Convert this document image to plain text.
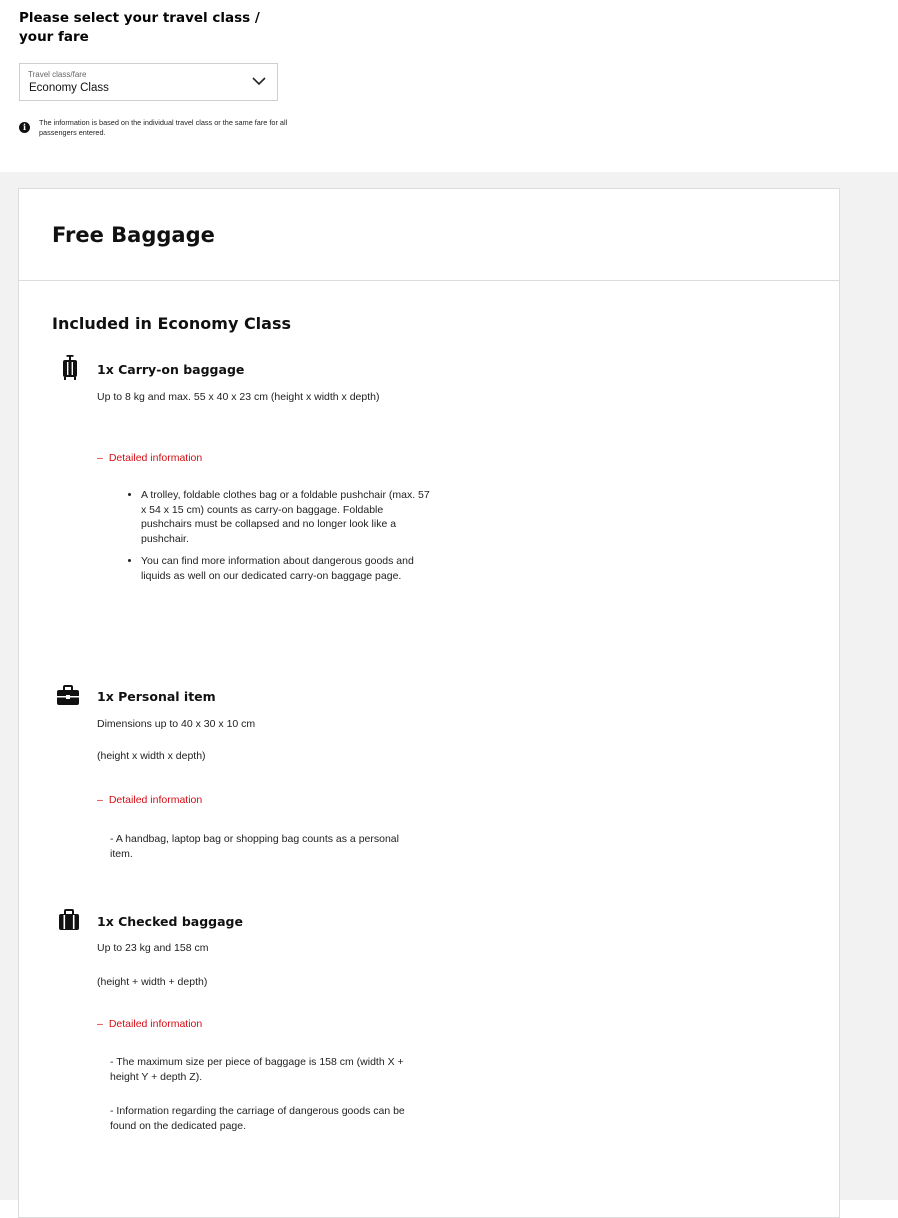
Please select your travel class / your fare
Travel class/fare
Economy Class
i	The information is based on the individual travel class or the same fare for all passengers entered.
Free Baggage
Included in Economy Class
1x Carry-on baggage
Up to 8 kg and max. 55 x 40 x 23 cm (height x width x depth)
– Detailed information
• A trolley, foldable clothes bag or a foldable pushchair (max. 57 x 54 x 15 cm) counts as carry-on baggage. Foldable pushchairs must be collapsed and no longer look like a pushchair.
• You can find more information about dangerous goods and liquids as well on our dedicated carry-on baggage page.
1x Personal item
Dimensions up to 40 x 30 x 10 cm
(height x width x depth)
– Detailed information
- A handbag, laptop bag or shopping bag counts as a personal item.
1x Checked baggage
Up to 23 kg and 158 cm
(height + width + depth)
– Detailed information
- The maximum size per piece of baggage is 158 cm (width X + height Y + depth Z).
- Information regarding the carriage of dangerous goods can be found on the dedicated page.
